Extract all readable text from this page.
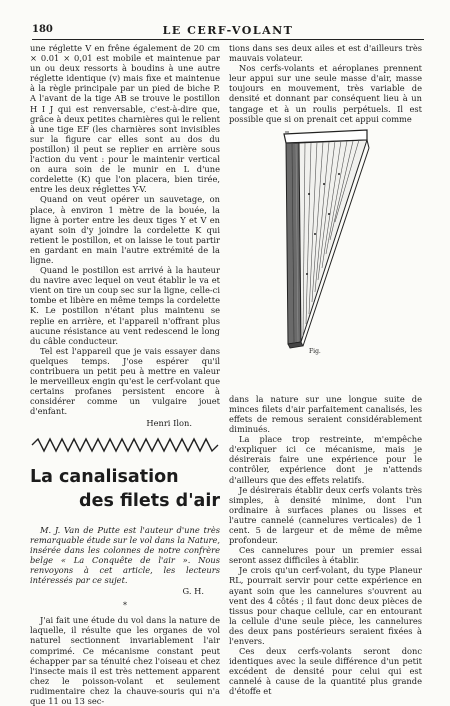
180	LE CERF-VOLANT

une réglette V en frêne également de 20 cm × 0.01 × 0,01 est mobile et maintenue par un ou deux ressorts à boudins à une autre réglette identique (v) mais fixe et maintenue à la règle principale par un pied de biche P. A l'avant de la tige AB se trouve le postillon H I J qui est renversable, c'est-à-dire que, grâce à deux petites charnières qui le relient à une tige EF (les charnières sont invisibles sur la figure car elles sont au dos du postillon) il peut se replier en arrière sous l'action du vent : pour le maintenir vertical on aura soin de le munir en L d'une cordelette (K) que l'on placera, bien tirée, entre les deux réglettes Y-V.

Quand on veut opérer un sauvetage, on place, à environ 1 mètre de la bouée, la ligne à porter entre les deux tiges Y et V en ayant soin d'y joindre la cordelette K qui retient le postillon, et on laisse le tout partir en gardant en main l'autre extrémité de la ligne.

Quand le postillon est arrivé à la hauteur du navire avec lequel on veut établir le va et vient on tire un coup sec sur la ligne, celle-ci tombe et libère en même temps la cordelette K. Le postillon n'étant plus maintenu se replie en arrière, et l'appareil n'offrant plus aucune résistance au vent redescend le long du câble conducteur.

Tel est l'appareil que je vais essayer dans quelques temps. J'ose espérer qu'il contribuera un petit peu à mettre en valeur le merveilleux engin qu'est le cerf-volant que certains profanes persistent encore à considérer comme un vulgaire jouet d'enfant.

Henri Ilon.
La canalisation
des filets d'air

M. J. Van de Putte est l'auteur d'une très remarquable étude sur le vol dans la Nature, insérée dans les colonnes de notre confrère belge « La Conquête de l'air ». Nous renvoyons à cet article, les lecteurs intéressés par ce sujet.

G. H.
*

J'ai fait une étude du vol dans la nature de laquelle, il résulte que les organes de vol naturel sectionnent invariablement l'air comprimé. Ce mécanisme constant peut échapper par sa ténuité chez l'oiseau et chez l'insecte mais il est très nettement apparent chez le poisson-volant et seulement rudimentaire chez la chauve-souris qui n'a que 11 ou 13 sec-

tions dans ses deux ailes et est d'ailleurs très mauvais volateur.

Nos cerfs-volants et aéroplanes prennent leur appui sur une seule masse d'air, masse toujours en mouvement, très variable de densité et donnant par conséquent lieu à un tangage et à un roulis perpétuels. Il est possible que si on prenait cet appui comme

Fig.

dans la nature sur une longue suite de minces filets d'air parfaitement canalisés, les effets de remous seraient considérablement diminués.

La place trop restreinte, m'empêche d'expliquer ici ce mécanisme, mais je désirerais faire une expérience pour le contrôler, expérience dont je n'attends d'ailleurs que des effets relatifs.

Je désirerais établir deux cerfs volants très simples, à densité minime, dont l'un ordinaire à surfaces planes ou lisses et l'autre cannelé (cannelures verticales) de 1 cent. 5 de largeur et de même de même profondeur.

Ces cannelures pour un premier essai seront assez difficiles à établir.

Je crois qu'un cerf-volant, du type Planeur RL, pourrait servir pour cette expérience en ayant soin que les cannelures s'ouvrent au vent des 4 côtés ; il faut donc deux pièces de tissus pour chaque cellule, car en entourant la cellule d'une seule pièce, les cannelures des deux pans postérieurs seraient fixées à l'envers.

Ces deux cerfs-volants seront donc identiques avec la seule différence d'un petit excédent de densité pour celui qui est cannelé à cause de la quantité plus grande d'étoffe et
